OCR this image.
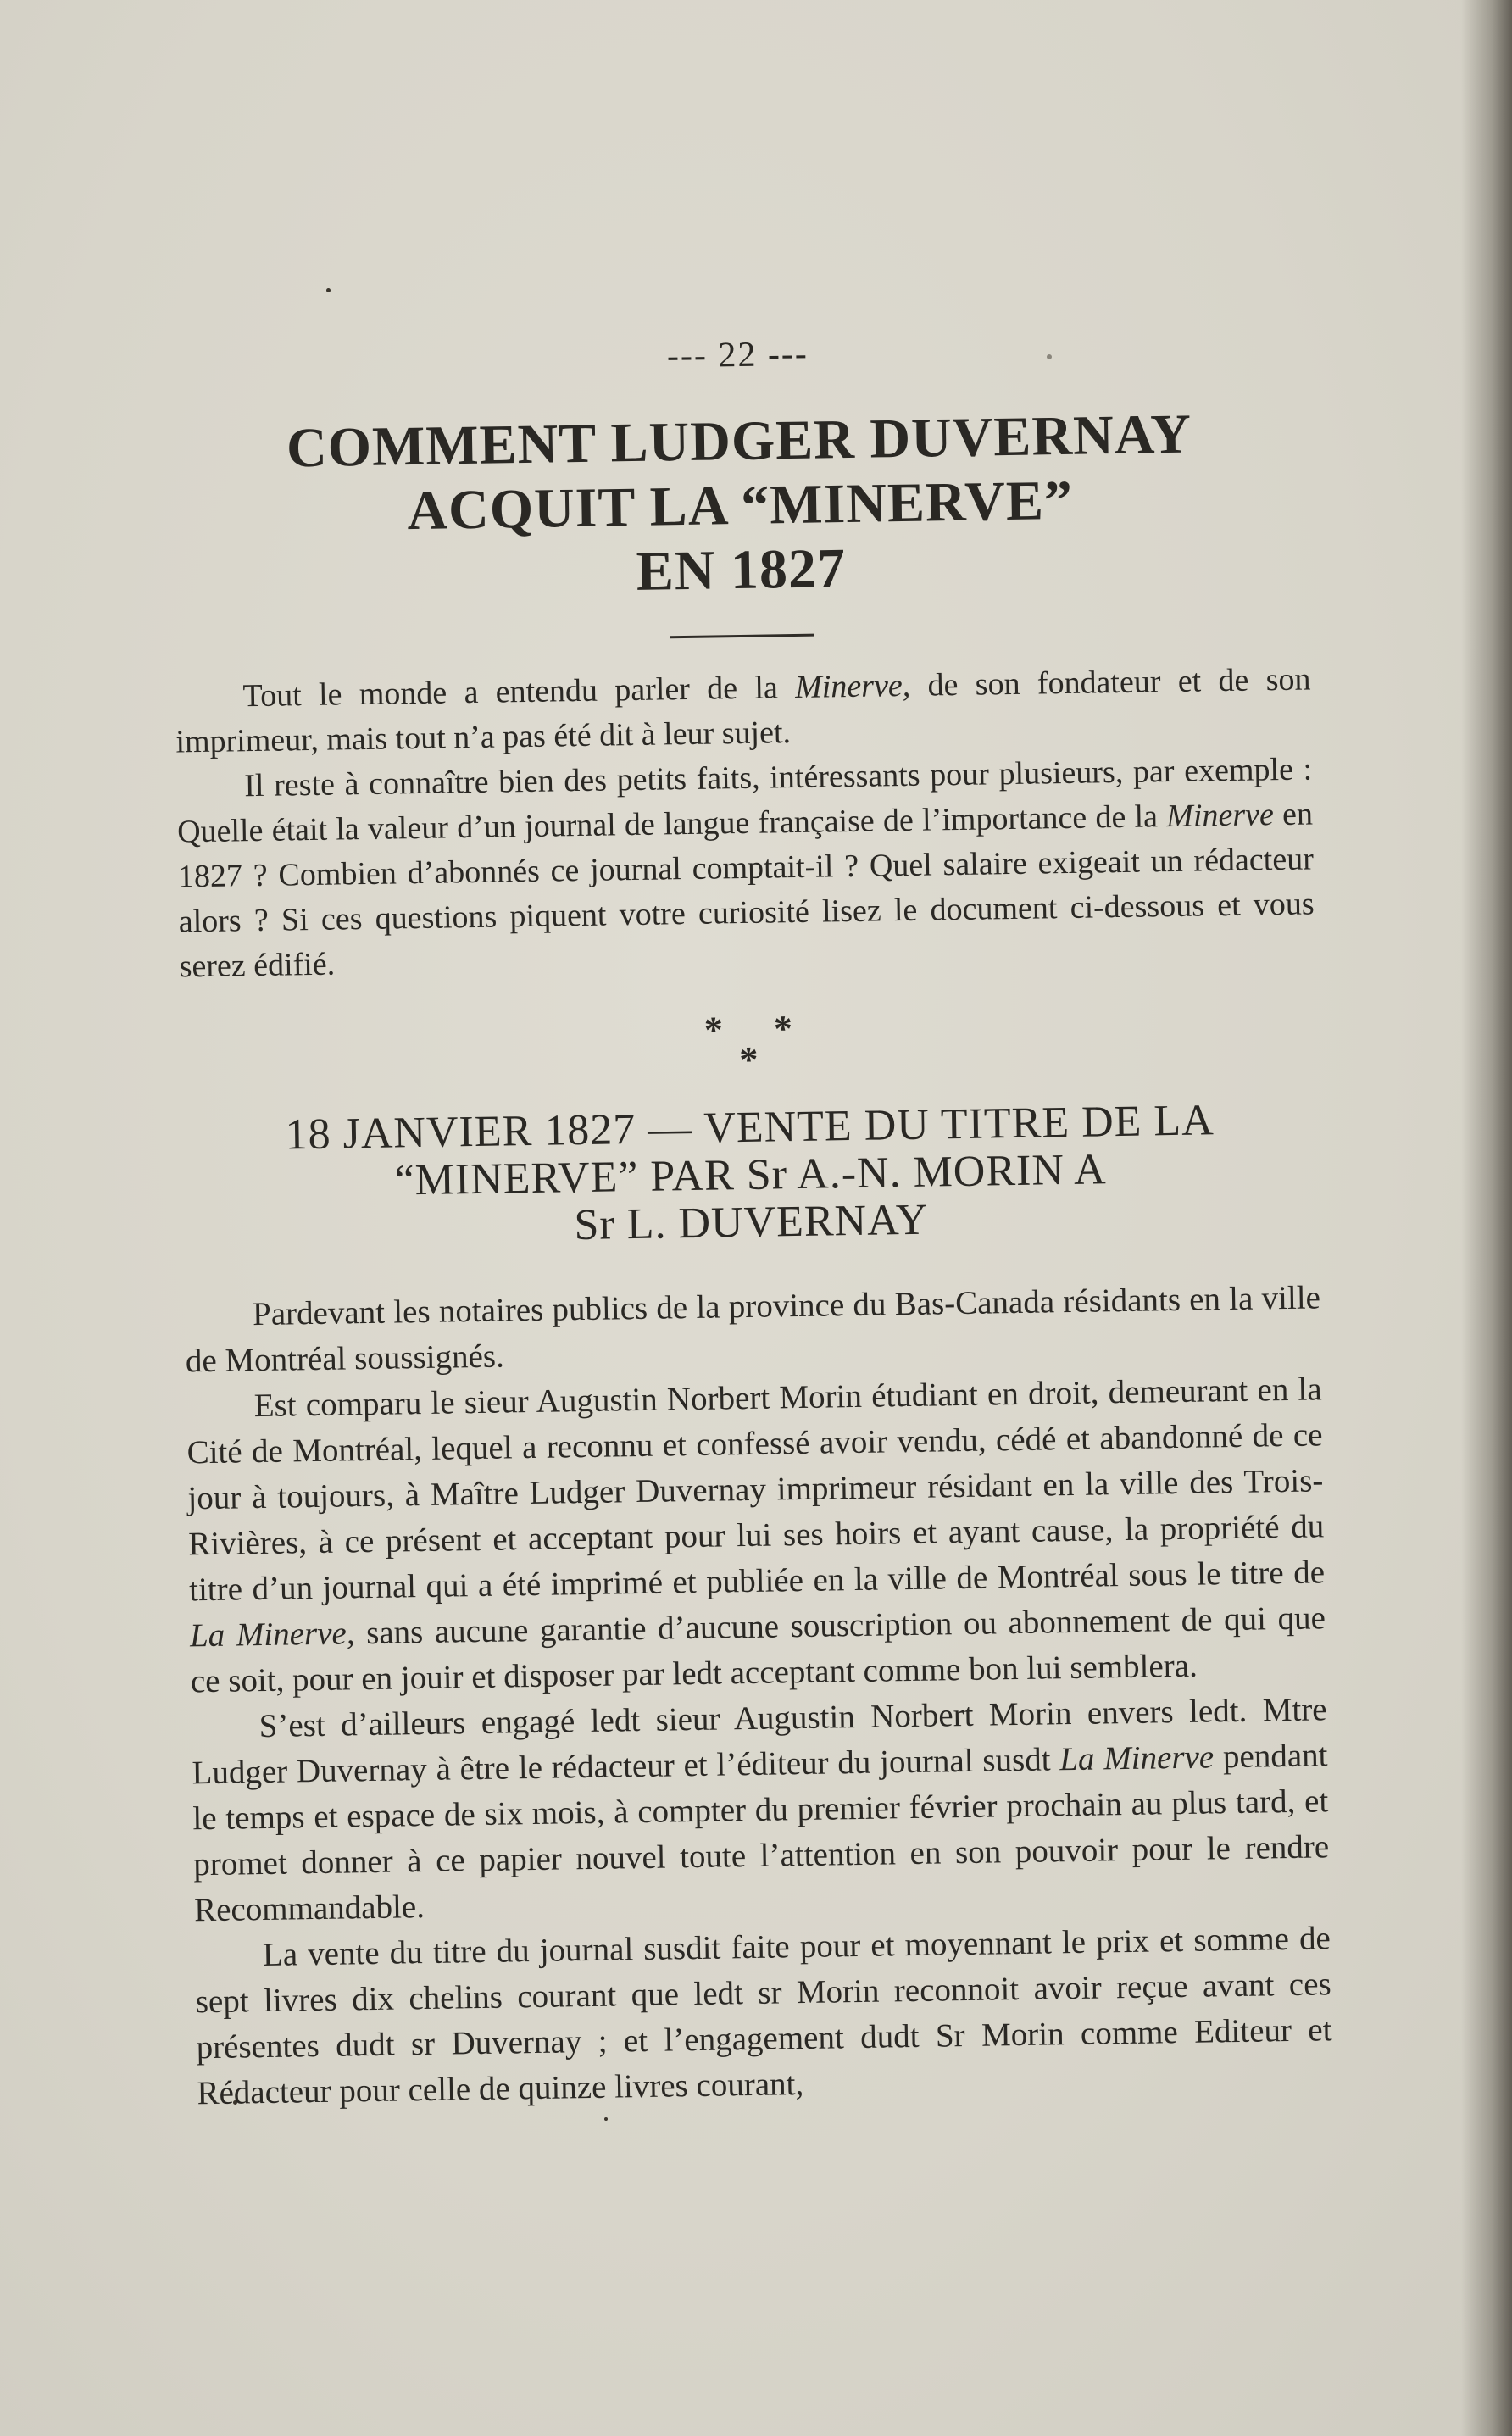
--- 22 ---
COMMENT LUDGER DUVERNAY
ACQUIT LA “MINERVE”
EN 1827

Tout le monde a entendu parler de la Minerve, de son fondateur et de son imprimeur, mais tout n’a pas été dit à leur sujet.

Il reste à connaître bien des petits faits, intéressants pour plusieurs, par exemple : Quelle était la valeur d’un journal de langue française de l’importance de la Minerve en 1827 ? Combien d’abonnés ce journal comptait-il ? Quel salaire exigeait un rédacteur alors ? Si ces questions piquent votre curiosité lisez le document ci-dessous et vous serez édifié.

**
*
18 JANVIER 1827 — VENTE DU TITRE DE LA
“MINERVE” PAR Sr A.-N. MORIN A
Sr L. DUVERNAY

Pardevant les notaires publics de la province du Bas-Canada résidants en la ville de Montréal soussignés.

Est comparu le sieur Augustin Norbert Morin étudiant en droit, demeurant en la Cité de Montréal, lequel a reconnu et confessé avoir vendu, cédé et abandonné de ce jour à toujours, à Maître Ludger Duvernay imprimeur résidant en la ville des Trois-Rivières, à ce présent et acceptant pour lui ses hoirs et ayant cause, la propriété du titre d’un journal qui a été imprimé et publiée en la ville de Montréal sous le titre de La Minerve, sans aucune garantie d’aucune souscription ou abonnement de qui que ce soit, pour en jouir et disposer par ledt acceptant comme bon lui semblera.

S’est d’ailleurs engagé ledt sieur Augustin Norbert Morin envers ledt. Mtre Ludger Duvernay à être le rédacteur et l’éditeur du journal susdt La Minerve pendant le temps et espace de six mois, à compter du premier février prochain au plus tard, et promet donner à ce papier nouvel toute l’attention en son pouvoir pour le rendre Recommandable.

La vente du titre du journal susdit faite pour et moyennant le prix et somme de sept livres dix chelins courant que ledt sr Morin reconnoit avoir reçue avant ces présentes dudt sr Duvernay ; et l’engagement dudt Sr Morin comme Editeur et Rédacteur pour celle de quinze livres courant,
